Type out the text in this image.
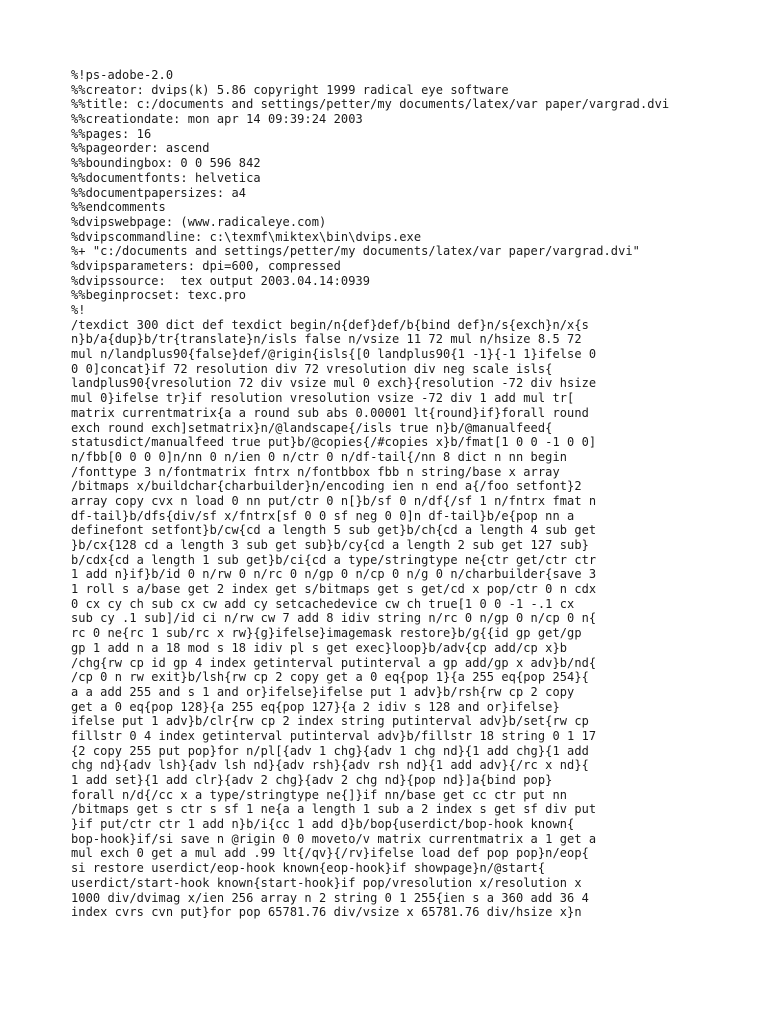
%!ps-adobe-2.0
%%creator: dvips(k) 5.86 copyright 1999 radical eye software
%%title: c:/documents and settings/petter/my documents/latex/var paper/vargrad.dvi
%%creationdate: mon apr 14 09:39:24 2003
%%pages: 16
%%pageorder: ascend
%%boundingbox: 0 0 596 842
%%documentfonts: helvetica
%%documentpapersizes: a4
%%endcomments
%dvipswebpage: (www.radicaleye.com)
%dvipscommandline: c:\texmf\miktex\bin\dvips.exe
%+ "c:/documents and settings/petter/my documents/latex/var paper/vargrad.dvi"
%dvipsparameters: dpi=600, compressed
%dvipssource:  tex output 2003.04.14:0939
%%beginprocset: texc.pro
%!
/texdict 300 dict def texdict begin/n{def}def/b{bind def}n/s{exch}n/x{s
n}b/a{dup}b/tr{translate}n/isls false n/vsize 11 72 mul n/hsize 8.5 72
mul n/landplus90{false}def/@rigin{isls{[0 landplus90{1 -1}{-1 1}ifelse 0
0 0]concat}if 72 resolution div 72 vresolution div neg scale isls{
landplus90{vresolution 72 div vsize mul 0 exch}{resolution -72 div hsize
mul 0}ifelse tr}if resolution vresolution vsize -72 div 1 add mul tr[
matrix currentmatrix{a a round sub abs 0.00001 lt{round}if}forall round
exch round exch]setmatrix}n/@landscape{/isls true n}b/@manualfeed{
statusdict/manualfeed true put}b/@copies{/#copies x}b/fmat[1 0 0 -1 0 0]
n/fbb[0 0 0 0]n/nn 0 n/ien 0 n/ctr 0 n/df-tail{/nn 8 dict n nn begin
/fonttype 3 n/fontmatrix fntrx n/fontbbox fbb n string/base x array
/bitmaps x/buildchar{charbuilder}n/encoding ien n end a{/foo setfont}2
array copy cvx n load 0 nn put/ctr 0 n[}b/sf 0 n/df{/sf 1 n/fntrx fmat n
df-tail}b/dfs{div/sf x/fntrx[sf 0 0 sf neg 0 0]n df-tail}b/e{pop nn a
definefont setfont}b/cw{cd a length 5 sub get}b/ch{cd a length 4 sub get
}b/cx{128 cd a length 3 sub get sub}b/cy{cd a length 2 sub get 127 sub}
b/cdx{cd a length 1 sub get}b/ci{cd a type/stringtype ne{ctr get/ctr ctr
1 add n}if}b/id 0 n/rw 0 n/rc 0 n/gp 0 n/cp 0 n/g 0 n/charbuilder{save 3
1 roll s a/base get 2 index get s/bitmaps get s get/cd x pop/ctr 0 n cdx
0 cx cy ch sub cx cw add cy setcachedevice cw ch true[1 0 0 -1 -.1 cx
sub cy .1 sub]/id ci n/rw cw 7 add 8 idiv string n/rc 0 n/gp 0 n/cp 0 n{
rc 0 ne{rc 1 sub/rc x rw}{g}ifelse}imagemask restore}b/g{{id gp get/gp
gp 1 add n a 18 mod s 18 idiv pl s get exec}loop}b/adv{cp add/cp x}b
/chg{rw cp id gp 4 index getinterval putinterval a gp add/gp x adv}b/nd{
/cp 0 n rw exit}b/lsh{rw cp 2 copy get a 0 eq{pop 1}{a 255 eq{pop 254}{
a a add 255 and s 1 and or}ifelse}ifelse put 1 adv}b/rsh{rw cp 2 copy
get a 0 eq{pop 128}{a 255 eq{pop 127}{a 2 idiv s 128 and or}ifelse}
ifelse put 1 adv}b/clr{rw cp 2 index string putinterval adv}b/set{rw cp
fillstr 0 4 index getinterval putinterval adv}b/fillstr 18 string 0 1 17
{2 copy 255 put pop}for n/pl[{adv 1 chg}{adv 1 chg nd}{1 add chg}{1 add
chg nd}{adv lsh}{adv lsh nd}{adv rsh}{adv rsh nd}{1 add adv}{/rc x nd}{
1 add set}{1 add clr}{adv 2 chg}{adv 2 chg nd}{pop nd}]a{bind pop}
forall n/d{/cc x a type/stringtype ne{]}if nn/base get cc ctr put nn
/bitmaps get s ctr s sf 1 ne{a a length 1 sub a 2 index s get sf div put
}if put/ctr ctr 1 add n}b/i{cc 1 add d}b/bop{userdict/bop-hook known{
bop-hook}if/si save n @rigin 0 0 moveto/v matrix currentmatrix a 1 get a
mul exch 0 get a mul add .99 lt{/qv}{/rv}ifelse load def pop pop}n/eop{
si restore userdict/eop-hook known{eop-hook}if showpage}n/@start{
userdict/start-hook known{start-hook}if pop/vresolution x/resolution x
1000 div/dvimag x/ien 256 array n 2 string 0 1 255{ien s a 360 add 36 4
index cvrs cvn put}for pop 65781.76 div/vsize x 65781.76 div/hsize x}n
